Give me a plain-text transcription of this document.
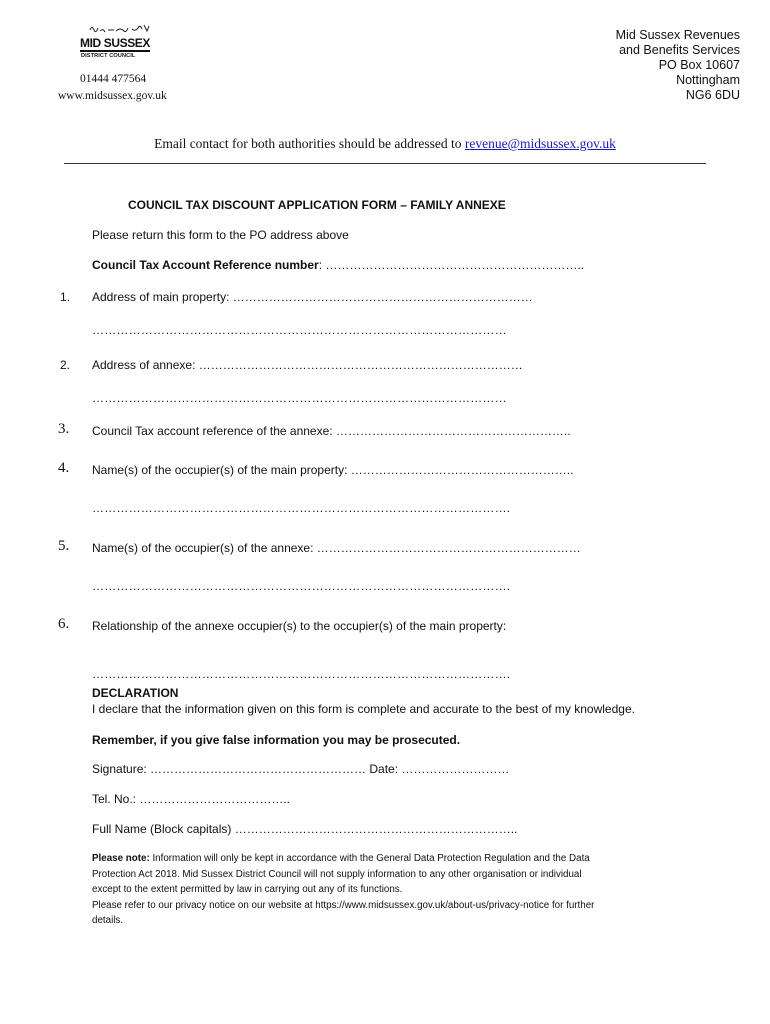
MID SUSSEX
DISTRICT COUNCIL
01444 477564
www.midsussex.gov.uk
Mid Sussex Revenues
and Benefits Services
PO Box 10607
Nottingham
NG6 6DU
Email contact for both authorities should be addressed to revenue@midsussex.gov.uk
COUNCIL TAX DISCOUNT APPLICATION FORM – FAMILY ANNEXE
Please return this form to the PO address above
Council Tax Account Reference number: ………………………………………………………..
1. Address of main property: …………………………………………………………………
…………………………………………………………………………………………
2. Address of annexe: ………………………………………………………………………
…………………………………………………………………………………………
3. Council Tax account reference of the annexe: …………………………………………………..
4. Name(s) of the occupier(s) of the main property: ………………………………………………..
………………………………………………………………………………………….
5. Name(s) of the occupier(s) of the annexe: …………………………………………………………
………………………………………………………………………………………….
6. Relationship of the annexe occupier(s) to the occupier(s) of the main property:
………………………………………………………………………………………….
DECLARATION
I declare that the information given on this form is complete and accurate to the best of my knowledge.
Remember, if you give false information you may be prosecuted.
Signature: ……………………………………………… Date: ………………………
Tel. No.: ………………………………..
Full Name (Block capitals) ……………………………………………………………..
Please note: Information will only be kept in accordance with the General Data Protection Regulation and the Data
Protection Act 2018. Mid Sussex District Council will not supply information to any other organisation or individual
except to the extent permitted by law in carrying out any of its functions.
Please refer to our privacy notice on our website at https://www.midsussex.gov.uk/about-us/privacy-notice for further
details.
